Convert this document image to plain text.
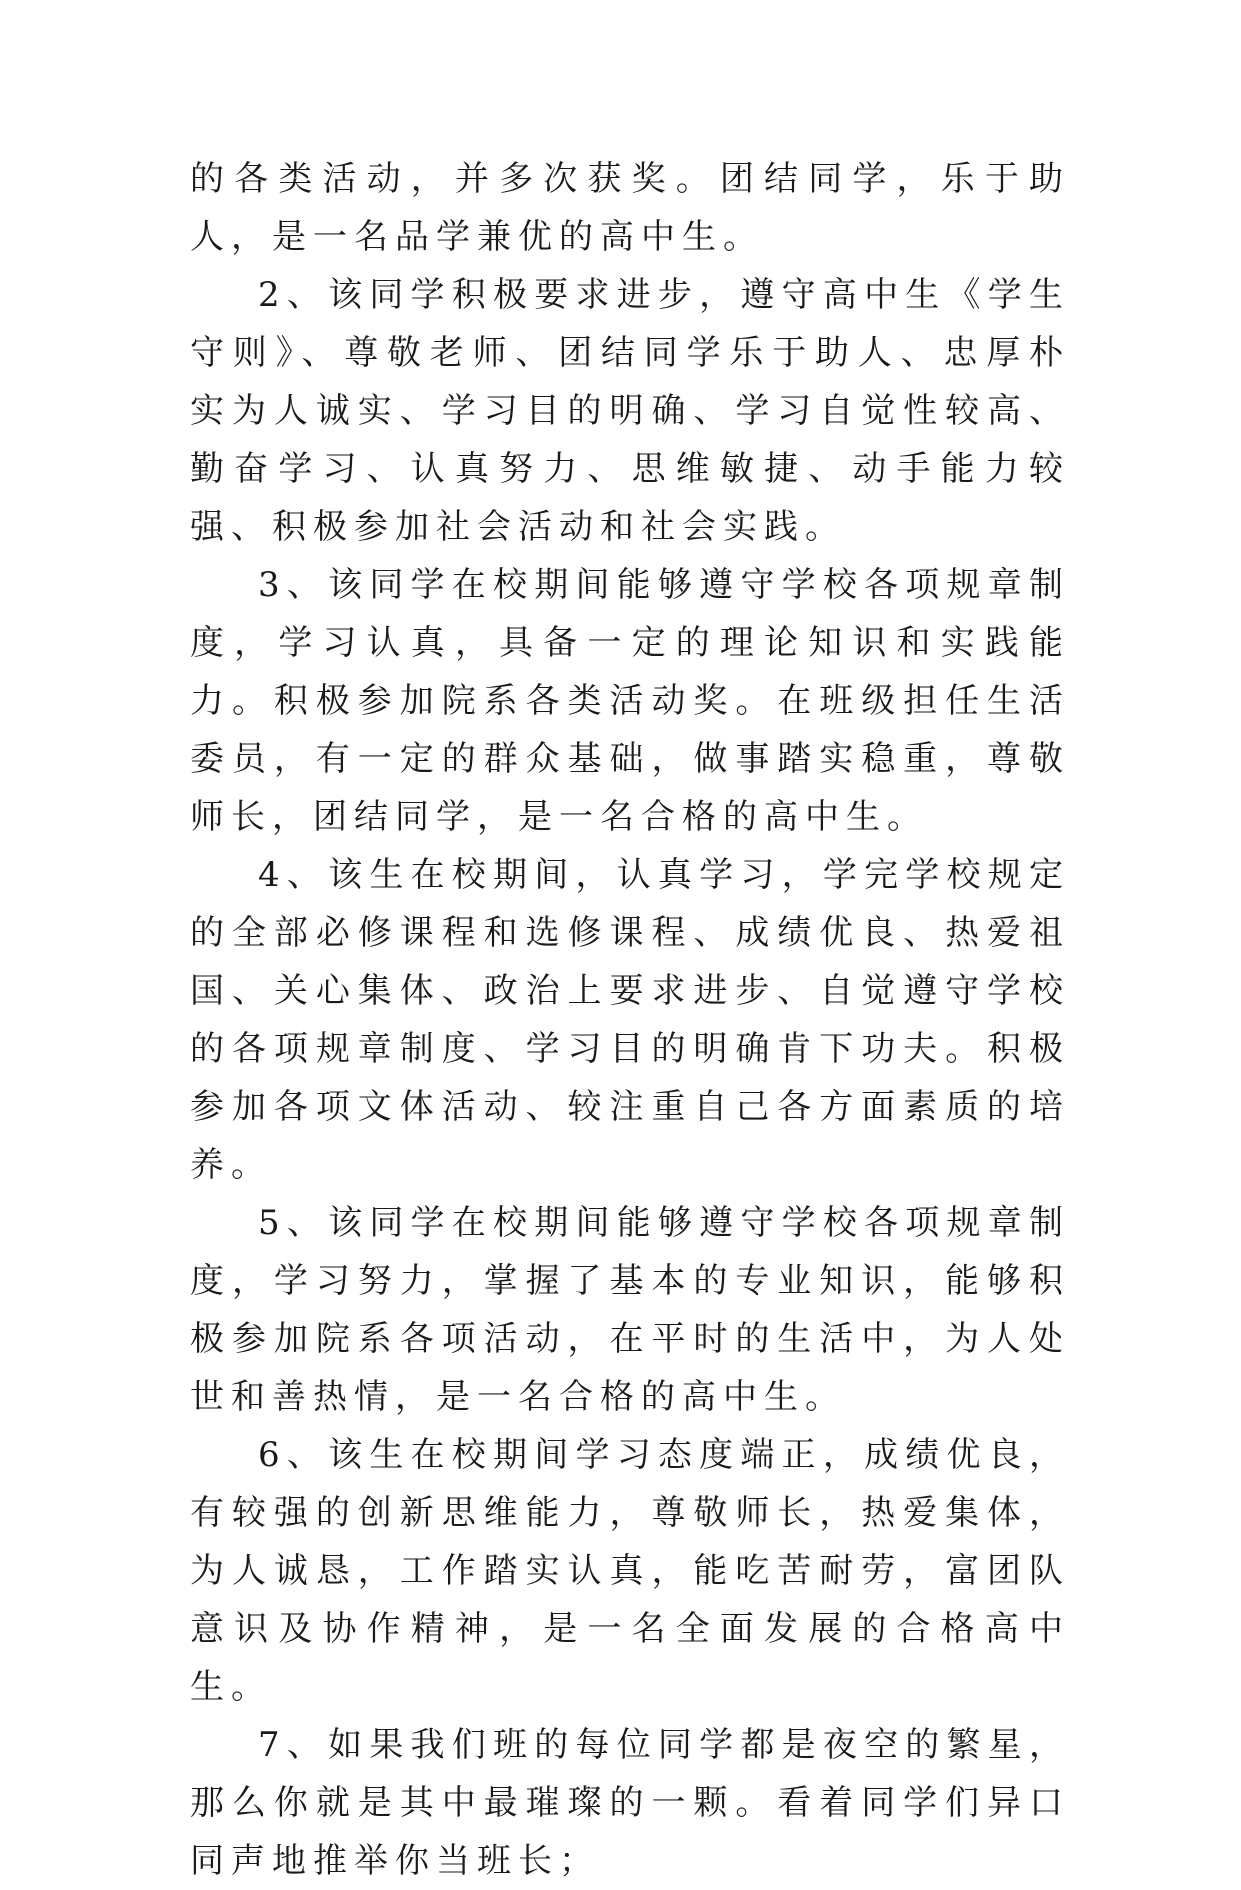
的各类活动，并多次获奖。团结同学，乐于助人，是一名品学兼优的高中生。

2、该同学积极要求进步，遵守高中生《学生守则》、尊敬老师、团结同学乐于助人、忠厚朴实为人诚实、学习目的明确、学习自觉性较高、勤奋学习、认真努力、思维敏捷、动手能力较强、积极参加社会活动和社会实践。

3、该同学在校期间能够遵守学校各项规章制度，学习认真，具备一定的理论知识和实践能力。积极参加院系各类活动奖。在班级担任生活委员，有一定的群众基础，做事踏实稳重，尊敬师长，团结同学，是一名合格的高中生。

4、该生在校期间，认真学习，学完学校规定的全部必修课程和选修课程、成绩优良、热爱祖国、关心集体、政治上要求进步、自觉遵守学校的各项规章制度、学习目的明确肯下功夫。积极参加各项文体活动、较注重自己各方面素质的培养。

5、该同学在校期间能够遵守学校各项规章制度，学习努力，掌握了基本的专业知识，能够积极参加院系各项活动，在平时的生活中，为人处世和善热情，是一名合格的高中生。

6、该生在校期间学习态度端正，成绩优良，有较强的创新思维能力，尊敬师长，热爱集体，为人诚恳，工作踏实认真，能吃苦耐劳，富团队意识及协作精神，是一名全面发展的合格高中生。

7、如果我们班的每位同学都是夜空的繁星，那么你就是其中最璀璨的一颗。看着同学们异口同声地推举你当班长；
